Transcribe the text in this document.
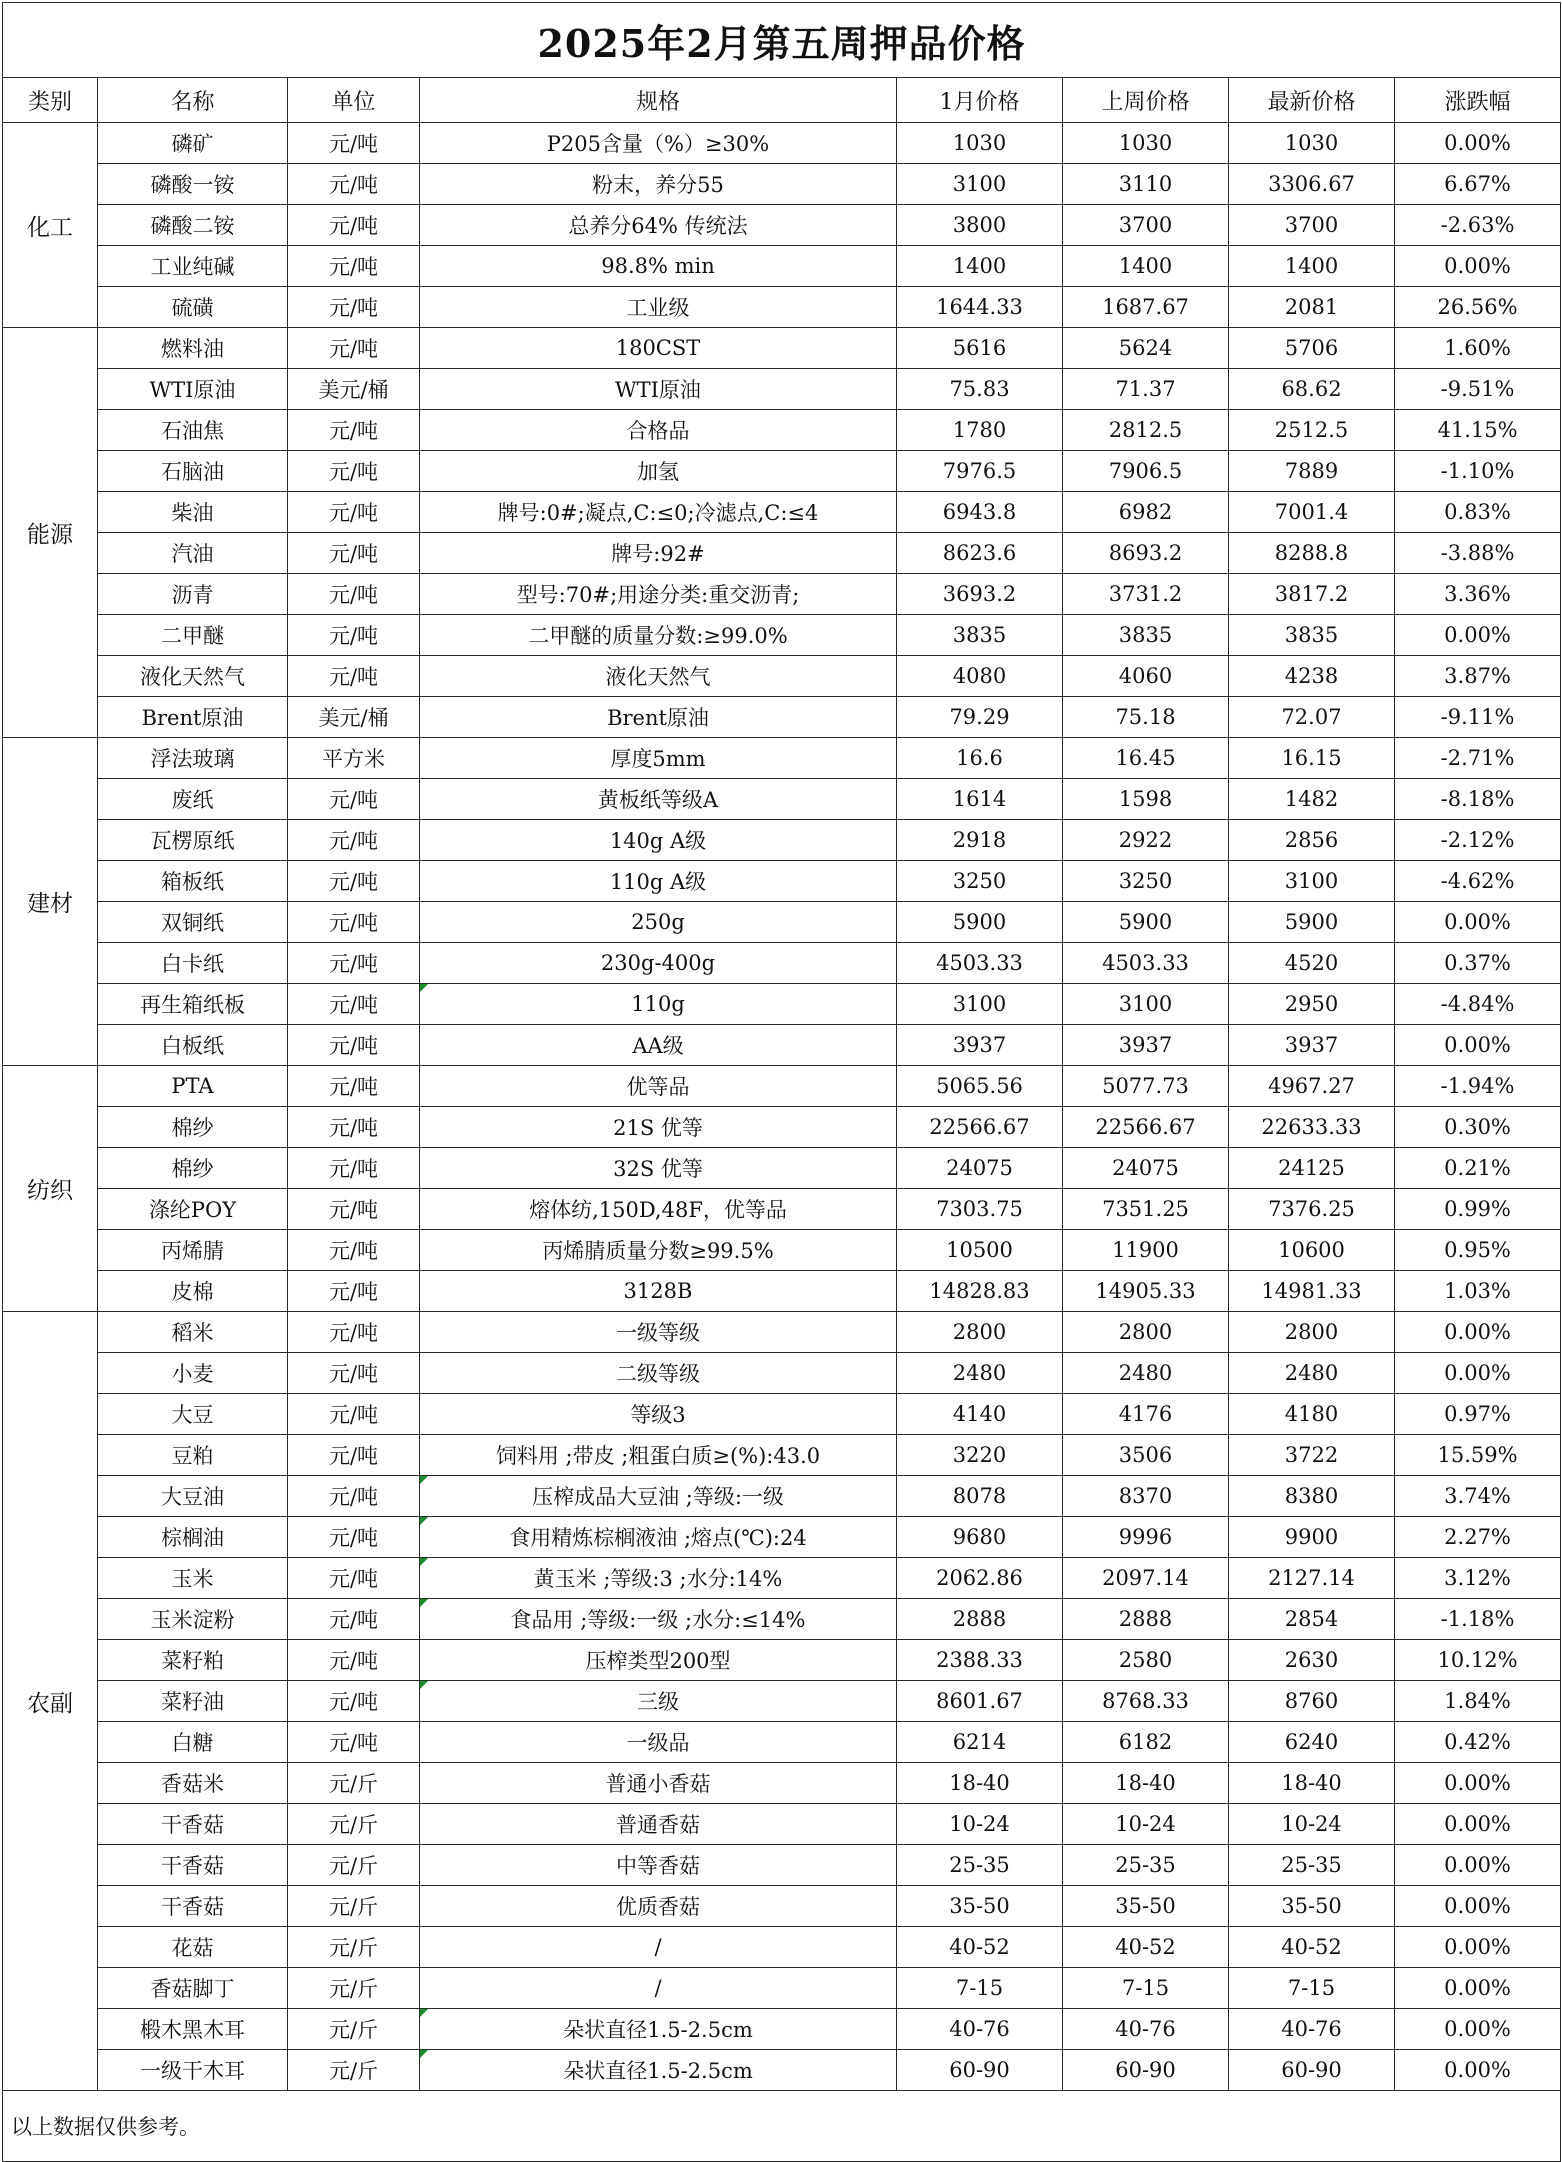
2025年2月第五周押品价格							
类别	名称	单位	规格	1月价格	上周价格	最新价格	涨跌幅
化工	磷矿	元/吨	P205含量（%）≥30%	1030	1030	1030	0.00%
	磷酸一铵	元/吨	粉末，养分55	3100	3110	3306.67	6.67%
	磷酸二铵	元/吨	总养分64% 传统法	3800	3700	3700	-2.63%
	工业纯碱	元/吨	98.8% min	1400	1400	1400	0.00%
	硫磺	元/吨	工业级	1644.33	1687.67	2081	26.56%
能源	燃料油	元/吨	180CST	5616	5624	5706	1.60%
	WTI原油	美元/桶	WTI原油	75.83	71.37	68.62	-9.51%
	石油焦	元/吨	合格品	1780	2812.5	2512.5	41.15%
	石脑油	元/吨	加氢	7976.5	7906.5	7889	-1.10%
	柴油	元/吨	牌号:0#;凝点,C:≤0;冷滤点,C:≤4	6943.8	6982	7001.4	0.83%
	汽油	元/吨	牌号:92#	8623.6	8693.2	8288.8	-3.88%
	沥青	元/吨	型号:70#;用途分类:重交沥青;	3693.2	3731.2	3817.2	3.36%
	二甲醚	元/吨	二甲醚的质量分数:≥99.0%	3835	3835	3835	0.00%
	液化天然气	元/吨	液化天然气	4080	4060	4238	3.87%
	Brent原油	美元/桶	Brent原油	79.29	75.18	72.07	-9.11%
建材	浮法玻璃	平方米	厚度5mm	16.6	16.45	16.15	-2.71%
	废纸	元/吨	黄板纸等级A	1614	1598	1482	-8.18%
	瓦楞原纸	元/吨	140g A级	2918	2922	2856	-2.12%
	箱板纸	元/吨	110g A级	3250	3250	3100	-4.62%
	双铜纸	元/吨	250g	5900	5900	5900	0.00%
	白卡纸	元/吨	230g-400g	4503.33	4503.33	4520	0.37%
	再生箱纸板	元/吨	110g	3100	3100	2950	-4.84%
	白板纸	元/吨	AA级	3937	3937	3937	0.00%
纺织	PTA	元/吨	优等品	5065.56	5077.73	4967.27	-1.94%
	棉纱	元/吨	21S 优等	22566.67	22566.67	22633.33	0.30%
	棉纱	元/吨	32S 优等	24075	24075	24125	0.21%
	涤纶POY	元/吨	熔体纺,150D,48F，优等品	7303.75	7351.25	7376.25	0.99%
	丙烯腈	元/吨	丙烯腈质量分数≥99.5%	10500	11900	10600	0.95%
	皮棉	元/吨	3128B	14828.83	14905.33	14981.33	1.03%
农副	稻米	元/吨	一级等级	2800	2800	2800	0.00%
	小麦	元/吨	二级等级	2480	2480	2480	0.00%
	大豆	元/吨	等级3	4140	4176	4180	0.97%
	豆粕	元/吨	饲料用 ;带皮 ;粗蛋白质≥(%):43.0	3220	3506	3722	15.59%
	大豆油	元/吨	压榨成品大豆油 ;等级:一级	8078	8370	8380	3.74%
	棕榈油	元/吨	食用精炼棕榈液油 ;熔点(℃):24	9680	9996	9900	2.27%
	玉米	元/吨	黄玉米 ;等级:3 ;水分:14%	2062.86	2097.14	2127.14	3.12%
	玉米淀粉	元/吨	食品用 ;等级:一级 ;水分:≤14%	2888	2888	2854	-1.18%
	菜籽粕	元/吨	压榨类型200型	2388.33	2580	2630	10.12%
	菜籽油	元/吨	三级	8601.67	8768.33	8760	1.84%
	白糖	元/吨	一级品	6214	6182	6240	0.42%
	香菇米	元/斤	普通小香菇	18-40	18-40	18-40	0.00%
	干香菇	元/斤	普通香菇	10-24	10-24	10-24	0.00%
	干香菇	元/斤	中等香菇	25-35	25-35	25-35	0.00%
	干香菇	元/斤	优质香菇	35-50	35-50	35-50	0.00%
	花菇	元/斤	/	40-52	40-52	40-52	0.00%
	香菇脚丁	元/斤	/	7-15	7-15	7-15	0.00%
	椴木黑木耳	元/斤	朵状直径1.5-2.5cm	40-76	40-76	40-76	0.00%
	一级干木耳	元/斤	朵状直径1.5-2.5cm	60-90	60-90	60-90	0.00%
以上数据仅供参考。							
